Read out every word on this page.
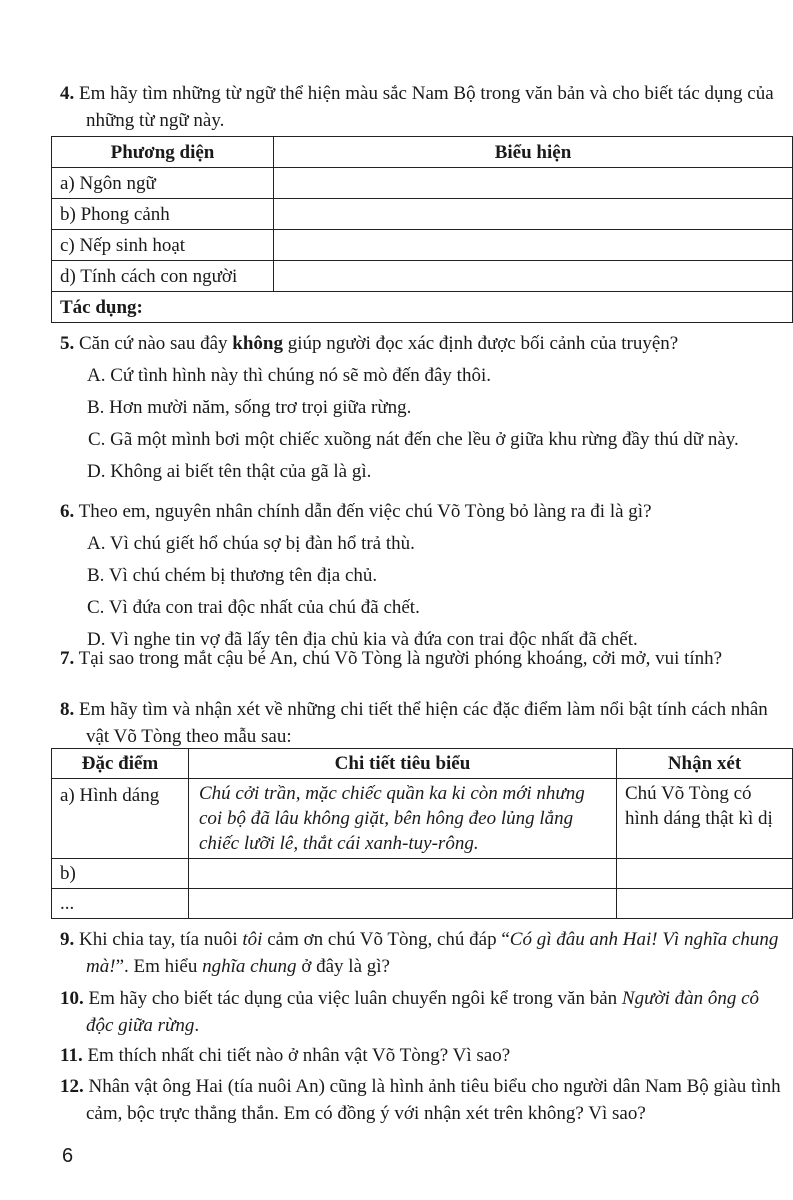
4. Em hãy tìm những từ ngữ thể hiện màu sắc Nam Bộ trong văn bản và cho biết tác dụng của những từ ngữ này.

Phương diện	Biểu hiện
a) Ngôn ngữ	
b) Phong cảnh	
c) Nếp sinh hoạt	
d) Tính cách con người	
Tác dụng:	

5. Căn cứ nào sau đây không giúp người đọc xác định được bối cảnh của truyện?

A. Cứ tình hình này thì chúng nó sẽ mò đến đây thôi.

B. Hơn mười năm, sống trơ trọi giữa rừng.

C. Gã một mình bơi một chiếc xuồng nát đến che lều ở giữa khu rừng đầy thú dữ này.

D. Không ai biết tên thật của gã là gì.

6. Theo em, nguyên nhân chính dẫn đến việc chú Võ Tòng bỏ làng ra đi là gì?

A. Vì chú giết hổ chúa sợ bị đàn hổ trả thù.

B. Vì chú chém bị thương tên địa chủ.

C. Vì đứa con trai độc nhất của chú đã chết.

D. Vì nghe tin vợ đã lấy tên địa chủ kia và đứa con trai độc nhất đã chết.

7. Tại sao trong mắt cậu bé An, chú Võ Tòng là người phóng khoáng, cởi mở, vui tính?

8. Em hãy tìm và nhận xét về những chi tiết thể hiện các đặc điểm làm nổi bật tính cách nhân vật Võ Tòng theo mẫu sau:

Đặc điểm	Chi tiết tiêu biểu	Nhận xét
a) Hình dáng	Chú cởi trần, mặc chiếc quần ka ki còn mới nhưng coi bộ đã lâu không giặt, bên hông đeo lủng lẳng chiếc lưỡi lê, thắt cái xanh-tuy-rông.	Chú Võ Tòng có hình dáng thật kì dị
b)		
...		

9. Khi chia tay, tía nuôi tôi cảm ơn chú Võ Tòng, chú đáp “Có gì đâu anh Hai! Vì nghĩa chung mà!”. Em hiểu nghĩa chung ở đây là gì?

10. Em hãy cho biết tác dụng của việc luân chuyển ngôi kể trong văn bản Người đàn ông cô độc giữa rừng.

11. Em thích nhất chi tiết nào ở nhân vật Võ Tòng? Vì sao?

12. Nhân vật ông Hai (tía nuôi An) cũng là hình ảnh tiêu biểu cho người dân Nam Bộ giàu tình cảm, bộc trực thẳng thắn. Em có đồng ý với nhận xét trên không? Vì sao?

6
